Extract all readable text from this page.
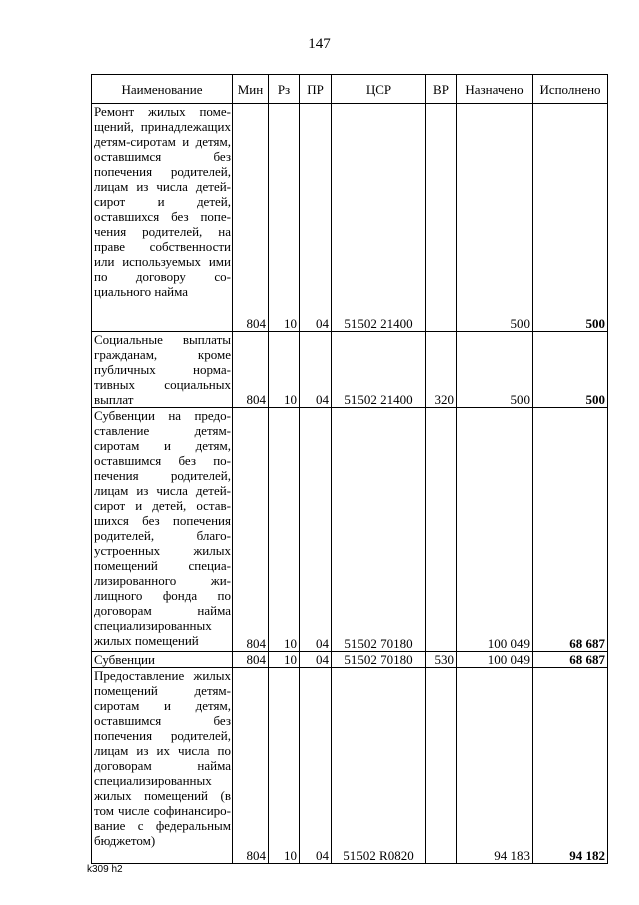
147
Наименование	Мин	Рз	ПР	ЦСР	ВР	Назначено	Исполнено
Ремонт жилых помещений, принадлежащих детям-сиротам и детям, оставшимся без попечения родителей, лицам из числа детей-сирот и детей, оставшихся без попечения родителей, на праве собственности или используемых ими по договору социального найма	804	10	04	51502 21400		500	500
Социальные выплаты гражданам, кроме публичных нормативных социальных выплат	804	10	04	51502 21400	320	500	500
Субвенции на предоставление детям-сиротам и детям, оставшимся без попечения родителей, лицам из числа детей-сирот и детей, оставшихся без попечения родителей, благоустроенных жилых помещений специализированного жилищного фонда по договорам найма специализированных жилых помещений	804	10	04	51502 70180		100 049	68 687
Субвенции	804	10	04	51502 70180	530	100 049	68 687
Предоставление жилых помещений детям-сиротам и детям, оставшимся без попечения родителей, лицам из их числа по договорам найма специализированных жилых помещений (в том числе софинансирование с федеральным бюджетом)	804	10	04	51502 R0820		94 183	94 182
k309 h2
